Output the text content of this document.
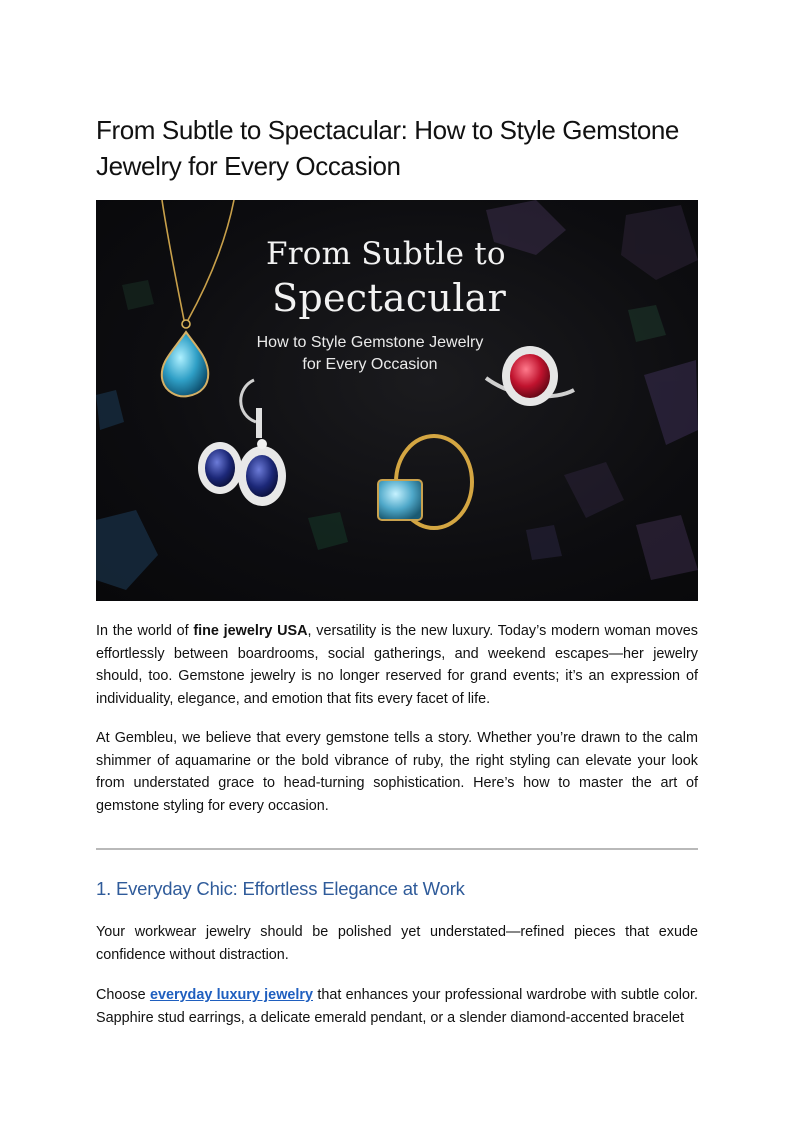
From Subtle to Spectacular: How to Style Gemstone Jewelry for Every Occasion
From Subtle to
Spectacular
How to Style Gemstone Jewelry for Every Occasion

In the world of fine jewelry USA, versatility is the new luxury. Today’s modern woman moves effortlessly between boardrooms, social gatherings, and weekend escapes—her jewelry should, too. Gemstone jewelry is no longer reserved for grand events; it’s an expression of individuality, elegance, and emotion that fits every facet of life.

At Gembleu, we believe that every gemstone tells a story. Whether you’re drawn to the calm shimmer of aquamarine or the bold vibrance of ruby, the right styling can elevate your look from understated grace to head-turning sophistication. Here’s how to master the art of gemstone styling for every occasion.

1. Everyday Chic: Effortless Elegance at Work

Your workwear jewelry should be polished yet understated—refined pieces that exude confidence without distraction.

Choose everyday luxury jewelry that enhances your professional wardrobe with subtle color. Sapphire stud earrings, a delicate emerald pendant, or a slender diamond-accented bracelet
